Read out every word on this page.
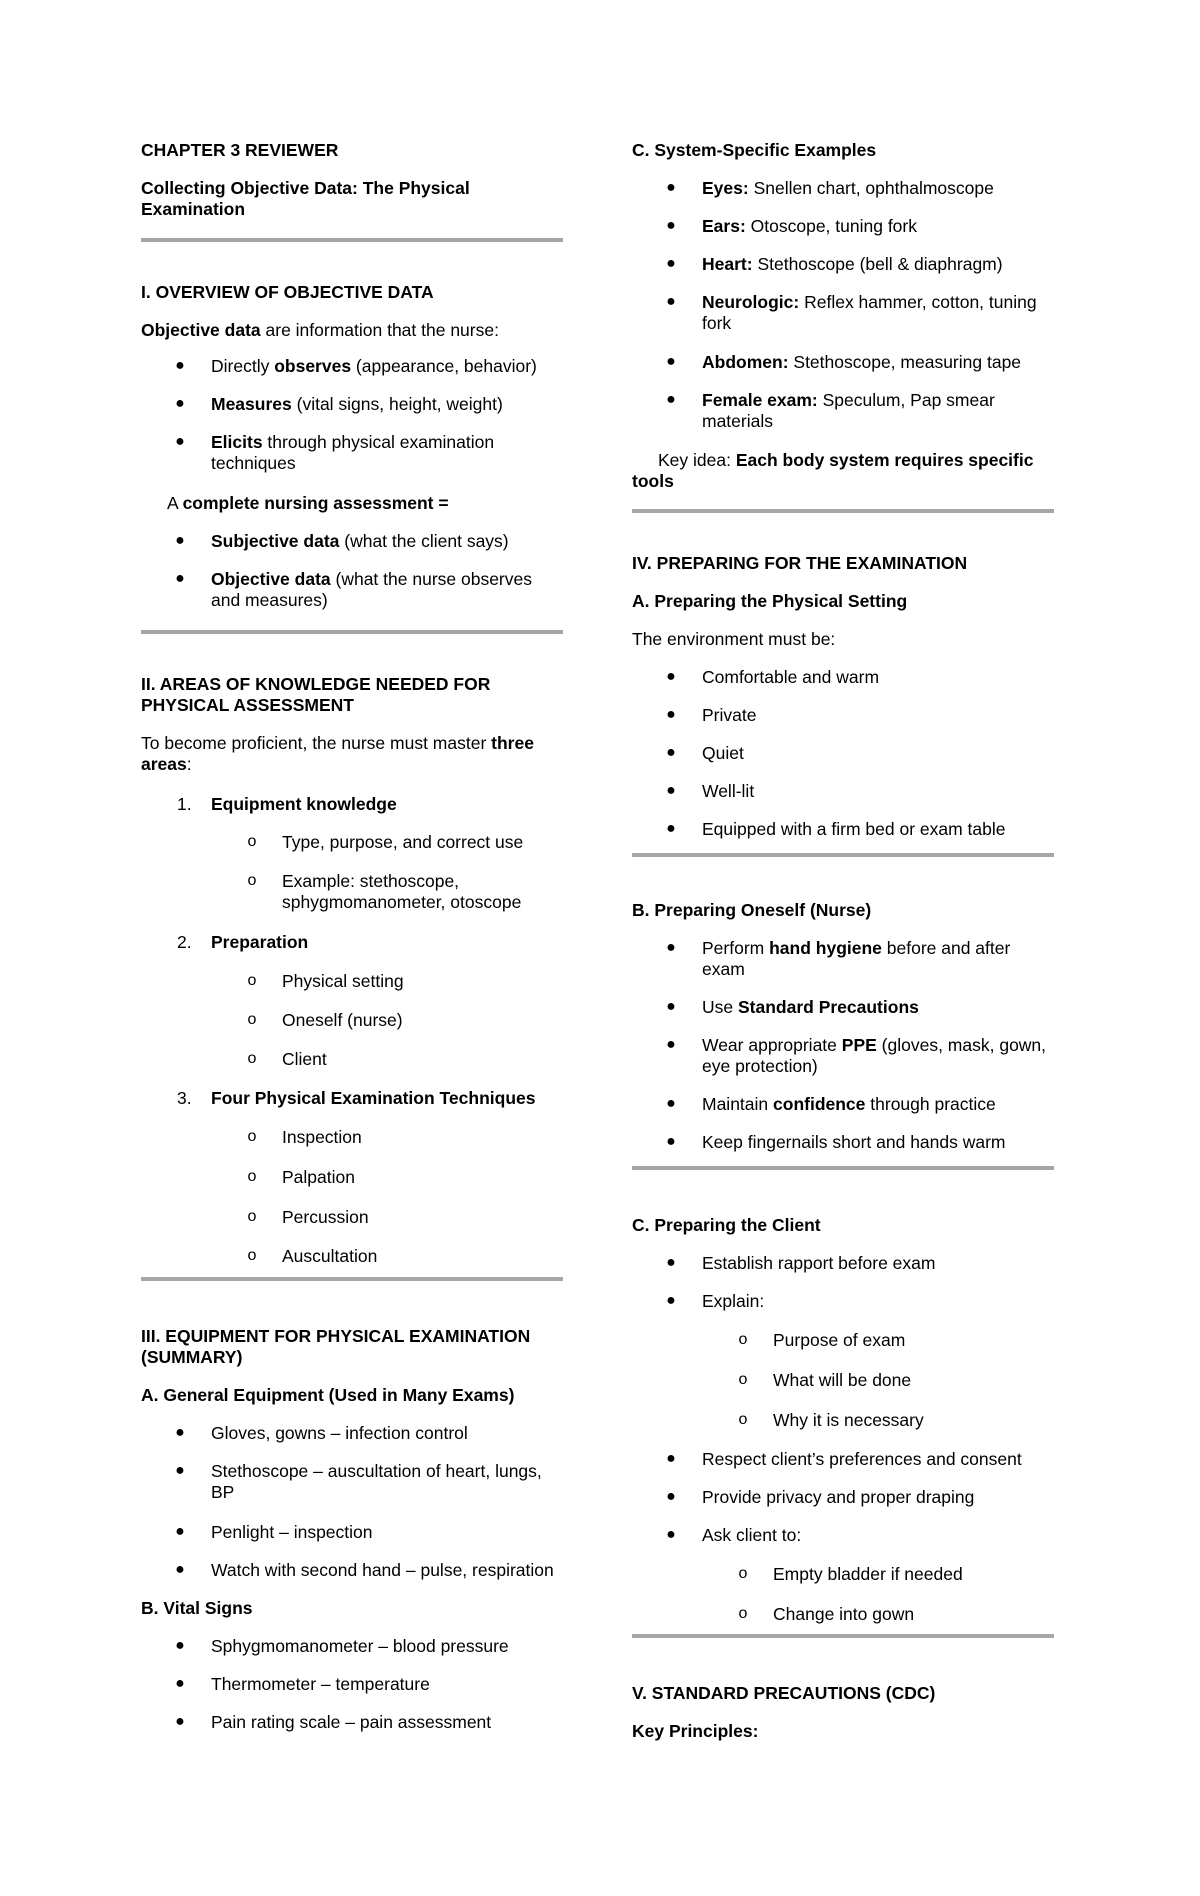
CHAPTER 3 REVIEWER

Collecting Objective Data: The Physical Examination

I. OVERVIEW OF OBJECTIVE DATA

Objective data are information that the nurse:

● Directly observes (appearance, behavior)
● Measures (vital signs, height, weight)
● Elicits through physical examination techniques

A complete nursing assessment =

● Subjective data (what the client says)
● Objective data (what the nurse observes and measures)

II. AREAS OF KNOWLEDGE NEEDED FOR PHYSICAL ASSESSMENT

To become proficient, the nurse must master three areas:

1.	Equipment knowledge
o Type, purpose, and correct use
o Example: stethoscope, sphygmomanometer, otoscope
2.	Preparation
o Physical setting
o Oneself (nurse)
o Client
3.	Four Physical Examination Techniques
o Inspection
o Palpation
o Percussion
o Auscultation

III. EQUIPMENT FOR PHYSICAL EXAMINATION (SUMMARY)

A. General Equipment (Used in Many Exams)

● Gloves, gowns – infection control
● Stethoscope – auscultation of heart, lungs, BP
● Penlight – inspection
● Watch with second hand – pulse, respiration

B. Vital Signs

● Sphygmomanometer – blood pressure
● Thermometer – temperature
● Pain rating scale – pain assessment

C. System-Specific Examples

● Eyes: Snellen chart, ophthalmoscope
● Ears: Otoscope, tuning fork
● Heart: Stethoscope (bell & diaphragm)
● Neurologic: Reflex hammer, cotton, tuning fork
● Abdomen: Stethoscope, measuring tape
● Female exam: Speculum, Pap smear materials

Key idea: Each body system requires specific tools

IV. PREPARING FOR THE EXAMINATION

A. Preparing the Physical Setting

The environment must be:

● Comfortable and warm
● Private
● Quiet
● Well-lit
● Equipped with a firm bed or exam table

B. Preparing Oneself (Nurse)

● Perform hand hygiene before and after exam
● Use Standard Precautions
● Wear appropriate PPE (gloves, mask, gown, eye protection)
● Maintain confidence through practice
● Keep fingernails short and hands warm

C. Preparing the Client

● Establish rapport before exam
● Explain:
o Purpose of exam
o What will be done
o Why it is necessary
● Respect client’s preferences and consent
● Provide privacy and proper draping
● Ask client to:
o Empty bladder if needed
o Change into gown

V. STANDARD PRECAUTIONS (CDC)

Key Principles:
